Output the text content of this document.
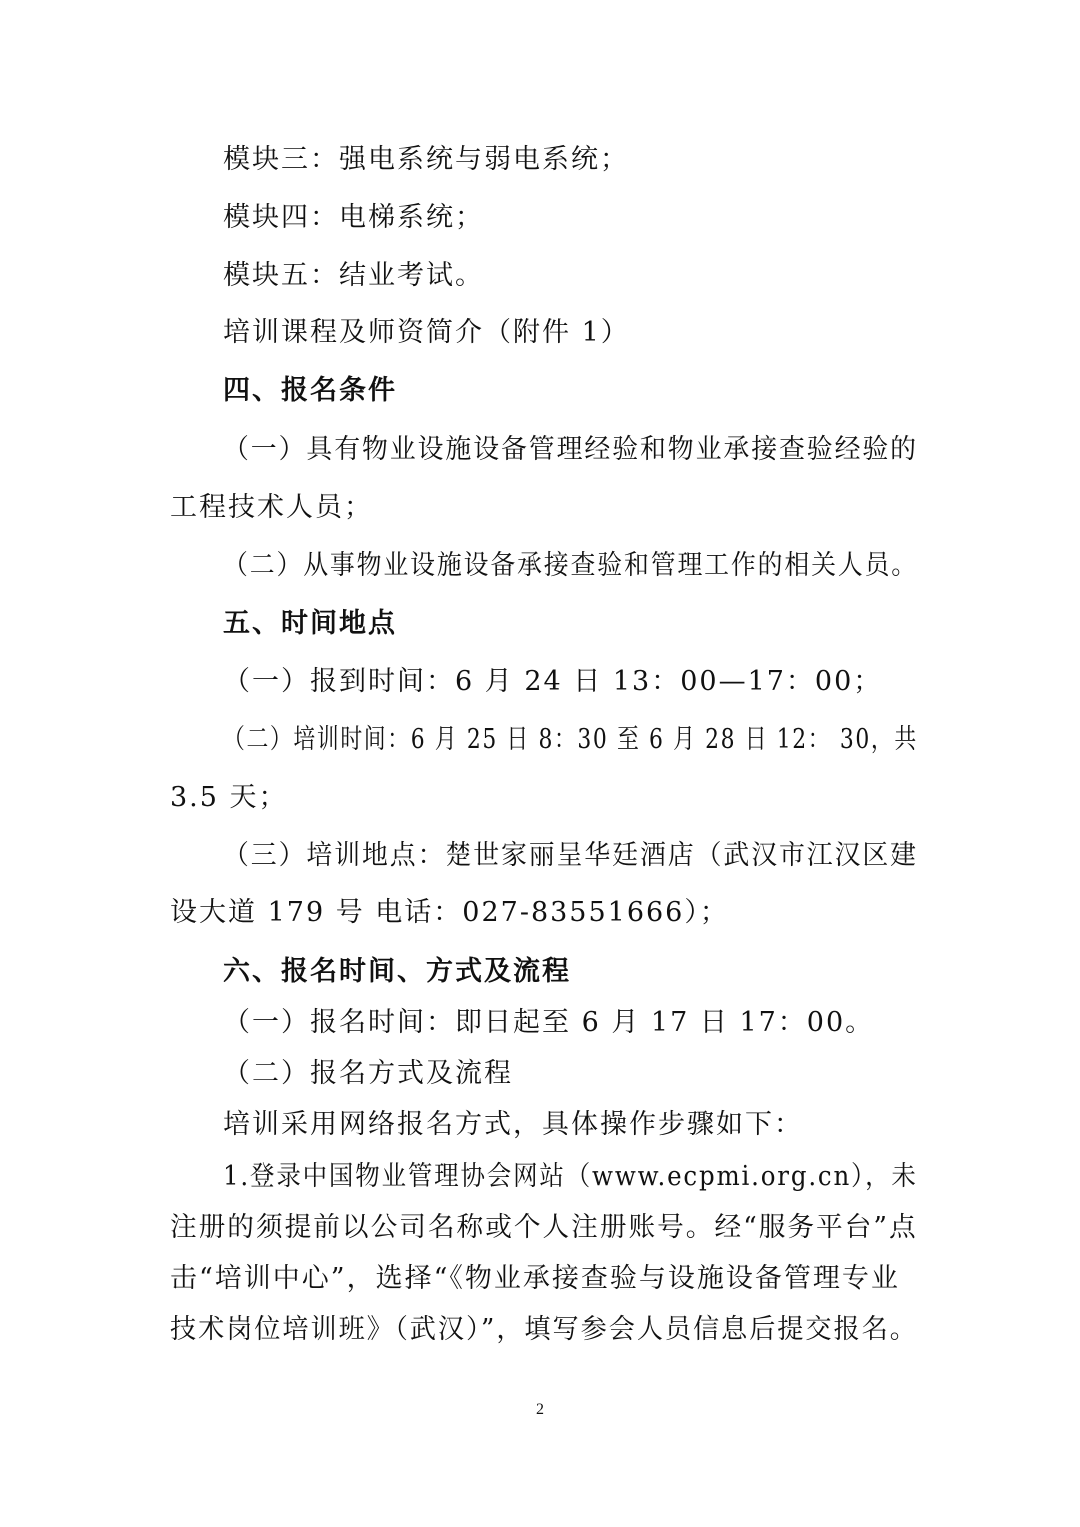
模块三：强电系统与弱电系统；
模块四：电梯系统；
模块五：结业考试。
培训课程及师资简介（附件 1）
四、报名条件
（一）具有物业设施设备管理经验和物业承接查验经验的
工程技术人员；
（二）从事物业设施设备承接查验和管理工作的相关人员。
五、时间地点
（一）报到时间：6 月 24 日 13：00—17：00；
（二）培训时间：6 月 25 日 8：30 至 6 月 28 日 12： 30，共
3.5 天；
（三）培训地点：楚世家丽呈华廷酒店（武汉市江汉区建
设大道 179 号 电话：027-83551666）；
六、报名时间、方式及流程
（一）报名时间：即日起至 6 月 17 日 17：00。
（二）报名方式及流程
培训采用网络报名方式，具体操作步骤如下：
1.登录中国物业管理协会网站（www.ecpmi.org.cn），未
注册的须提前以公司名称或个人注册账号。经“服务平台”点
击“培训中心”，选择“《物业承接查验与设施设备管理专业
技术岗位培训班》（武汉）”，填写参会人员信息后提交报名。
2
